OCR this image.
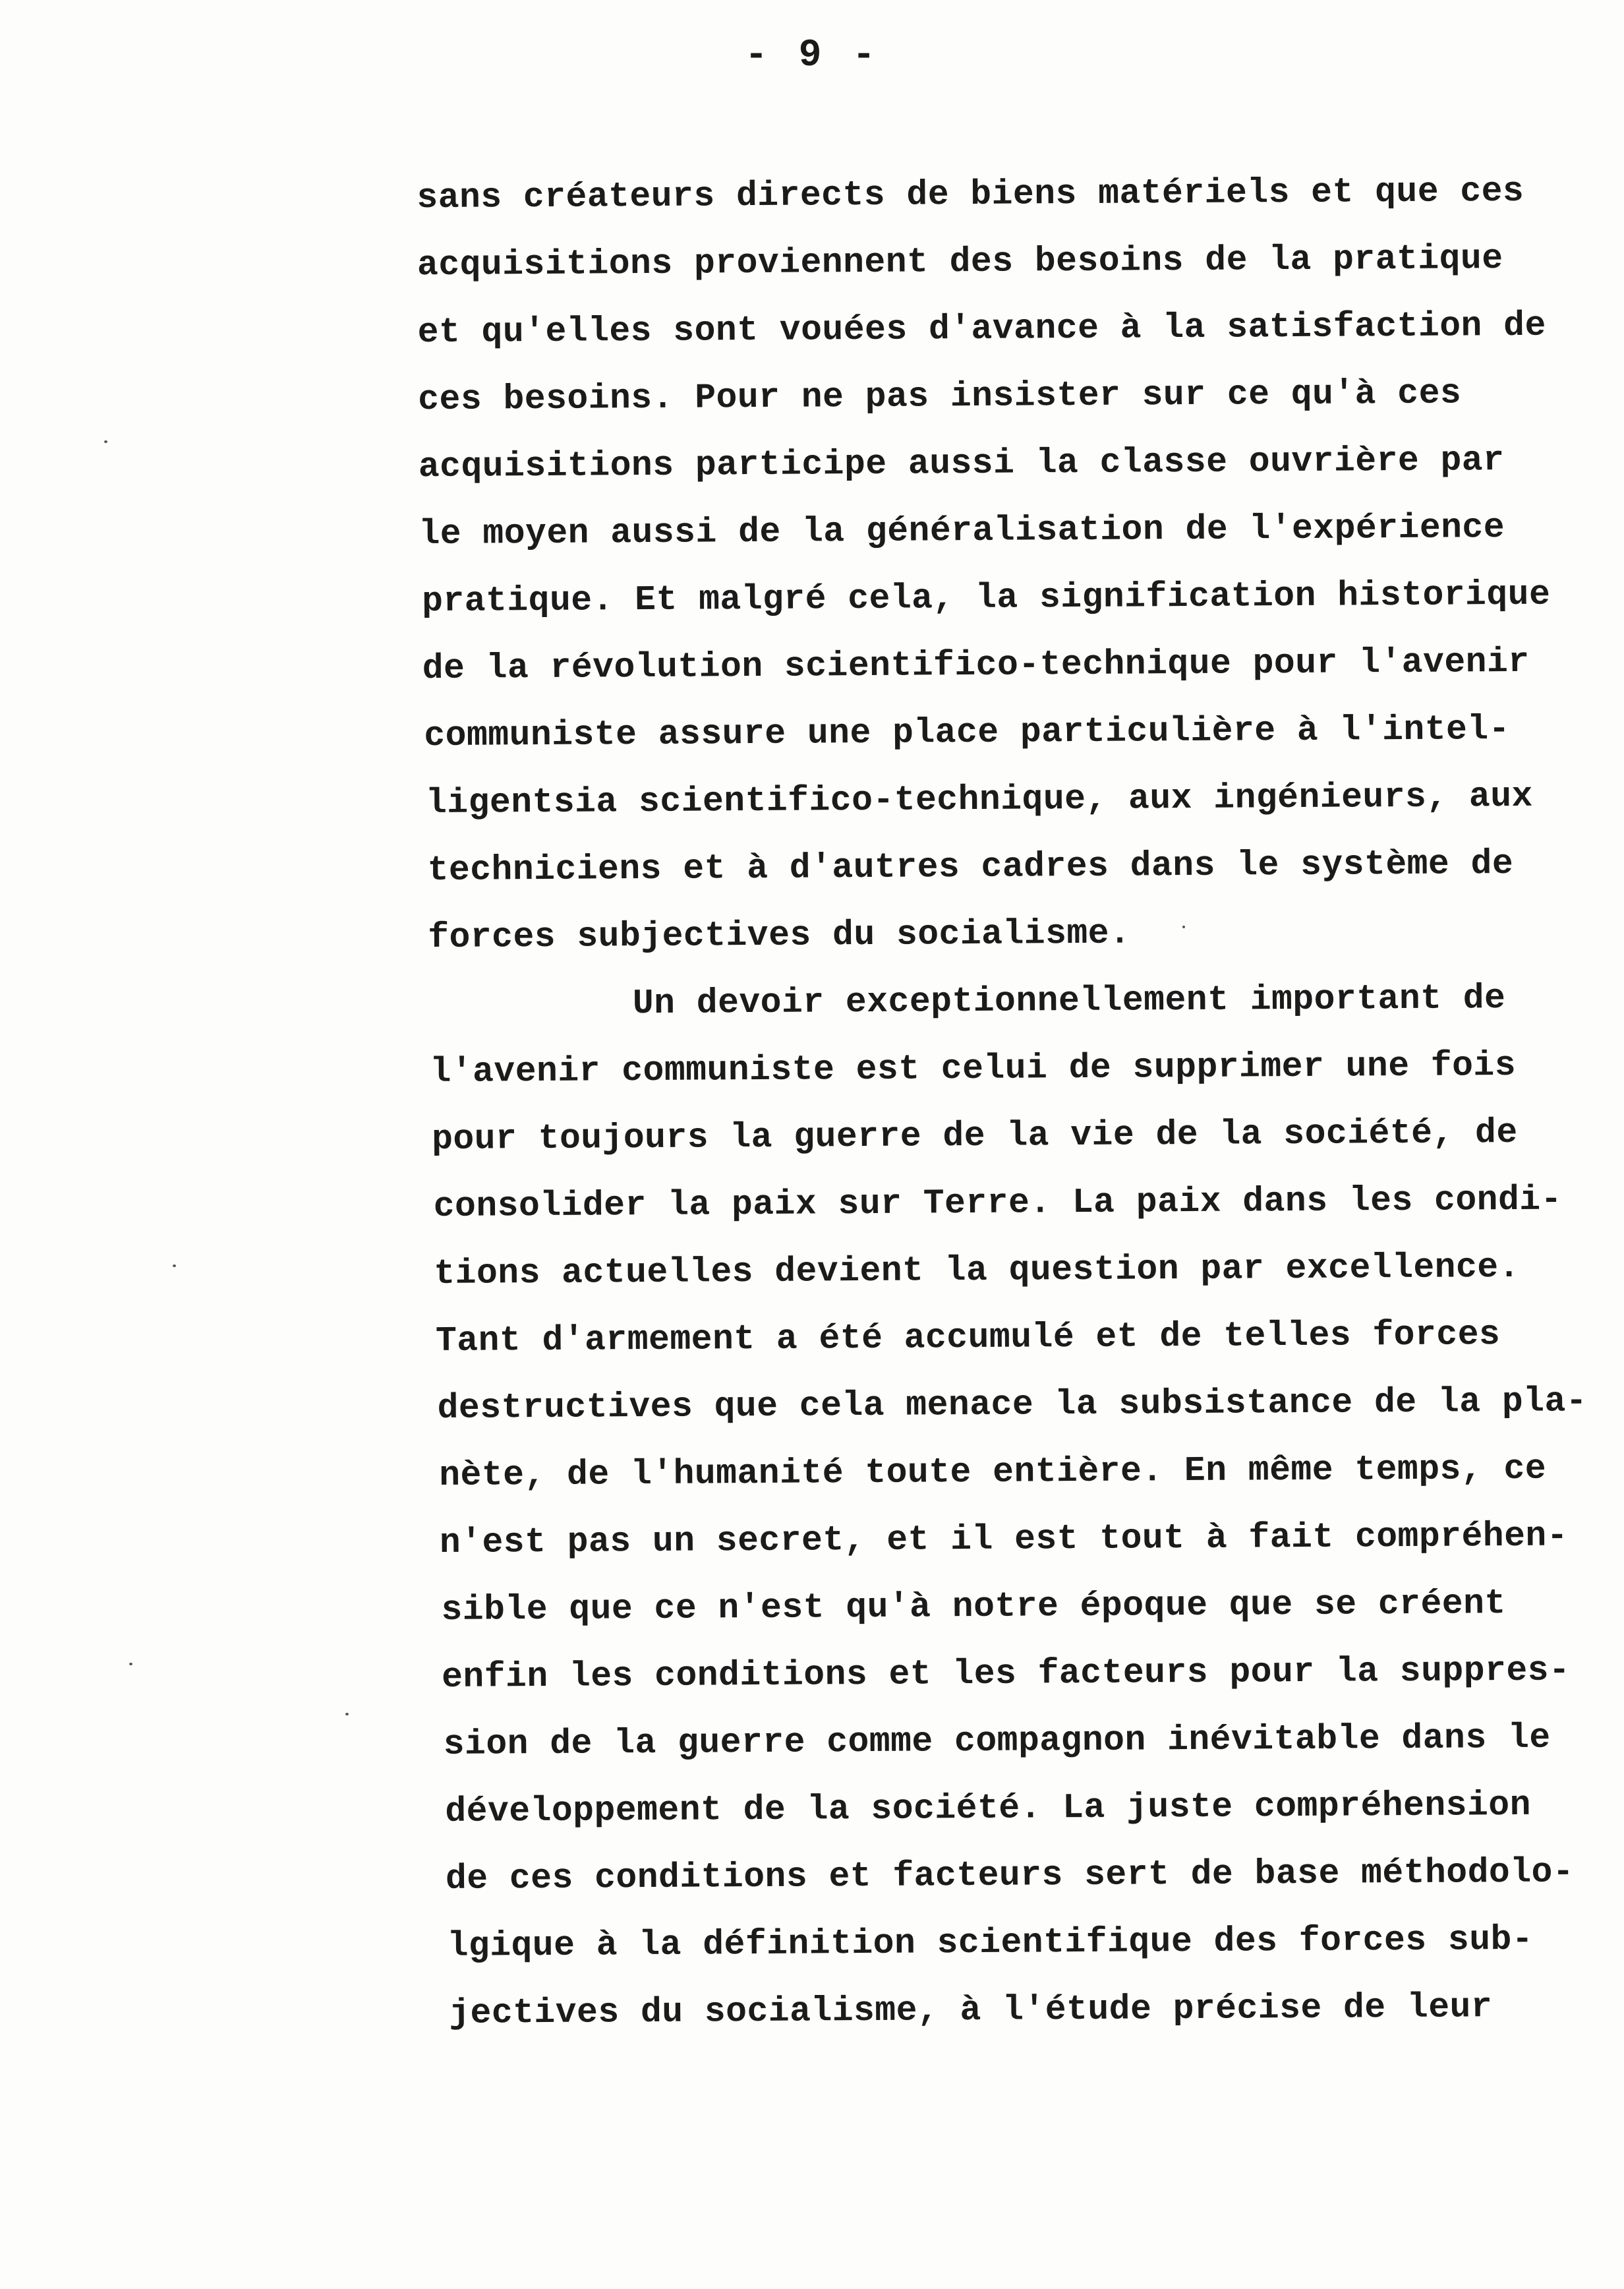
- 9 -
sans créateurs directs de biens matériels et que ces
acquisitions proviennent des besoins de la pratique
et qu'elles sont vouées d'avance à la satisfaction de
ces besoins. Pour ne pas insister sur ce qu'à ces
acquisitions participe aussi la classe ouvrière par
le moyen aussi de la généralisation de l'expérience
pratique. Et malgré cela, la signification historique
de la révolution scientifico-technique pour l'avenir
communiste assure une place particulière à l'intel-
ligentsia scientifico-technique, aux ingénieurs, aux
techniciens et à d'autres cadres dans le système de
forces subjectives du socialisme.
Un devoir exceptionnellement important de
l'avenir communiste est celui de supprimer une fois
pour toujours la guerre de la vie de la société, de
consolider la paix sur Terre. La paix dans les condi-
tions actuelles devient la question par excellence.
Tant d'armement a été accumulé et de telles forces
destructives que cela menace la subsistance de la pla-
nète, de l'humanité toute entière. En même temps, ce
n'est pas un secret, et il est tout à fait compréhen-
sible que ce n'est qu'à notre époque que se créent
enfin les conditions et les facteurs pour la suppres-
sion de la guerre comme compagnon inévitable dans le
développement de la société. La juste compréhension
de ces conditions et facteurs sert de base méthodolo-
lgique à la définition scientifique des forces sub-
jectives du socialisme, à l'étude précise de leur
